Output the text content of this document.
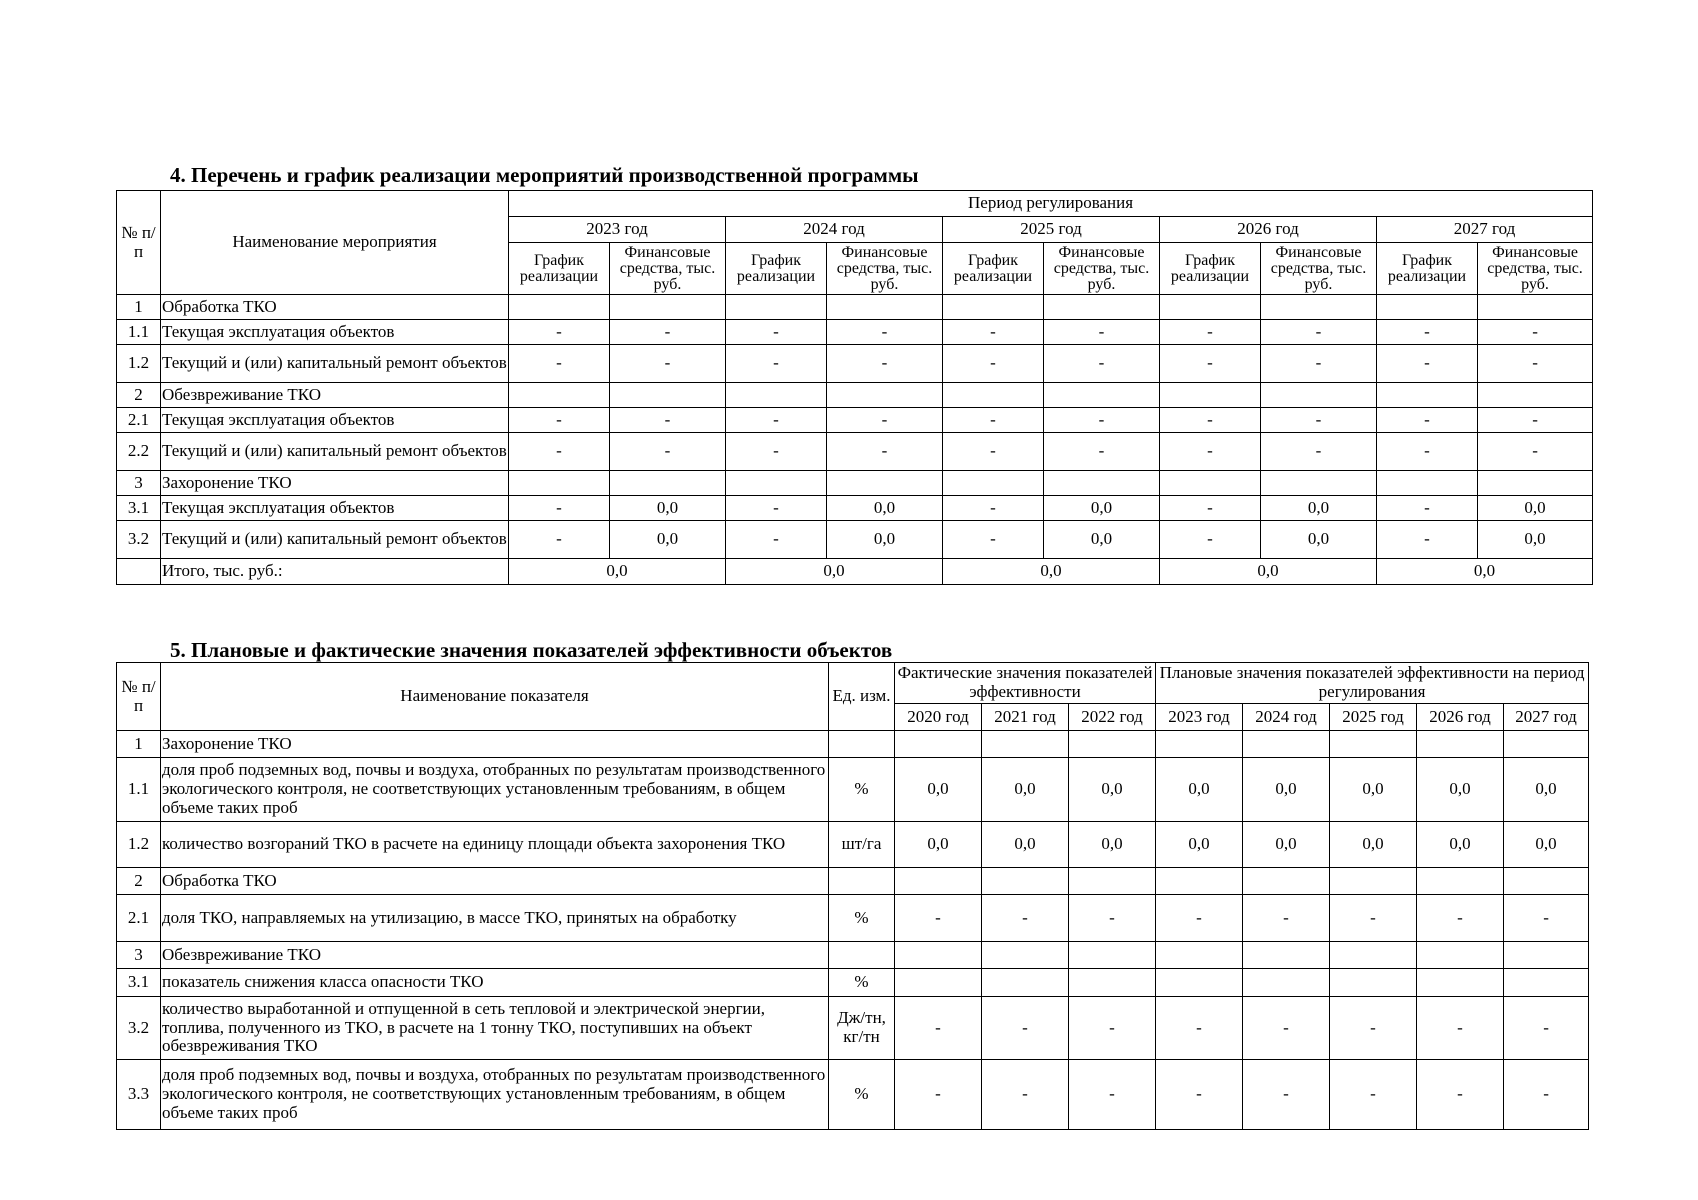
4. Перечень и график реализации мероприятий производственной программы
№ п/п	Наименование мероприятия	Период регулирования									
		2023 год		2024 год		2025 год		2026 год		2027 год	
		График реализации	Финансовые средства, тыс. руб.	График реализации	Финансовые средства, тыс. руб.	График реализации	Финансовые средства, тыс. руб.	График реализации	Финансовые средства, тыс. руб.	График реализации	Финансовые средства, тыс. руб.
1	Обработка ТКО										
1.1	Текущая эксплуатация объектов	-	-	-	-	-	-	-	-	-	-
1.2	Текущий и (или) капитальный ремонт объектов	-	-	-	-	-	-	-	-	-	-
2	Обезвреживание ТКО										
2.1	Текущая эксплуатация объектов	-	-	-	-	-	-	-	-	-	-
2.2	Текущий и (или) капитальный ремонт объектов	-	-	-	-	-	-	-	-	-	-
3	Захоронение ТКО										
3.1	Текущая эксплуатация объектов	-	0,0	-	0,0	-	0,0	-	0,0	-	0,0
3.2	Текущий и (или) капитальный ремонт объектов	-	0,0	-	0,0	-	0,0	-	0,0	-	0,0
	Итого, тыс. руб.:	0,0		0,0		0,0		0,0		0,0	
5. Плановые и фактические значения показателей эффективности объектов
№ п/п	Наименование показателя	Ед. изм.	Фактические значения показателей эффективности			Плановые значения показателей эффективности на период регулирования				
			2020 год	2021 год	2022 год	2023 год	2024 год	2025 год	2026 год	2027 год
1	Захоронение ТКО									
1.1	доля проб подземных вод, почвы и воздуха, отобранных по результатам производственного экологического контроля, не соответствующих установленным требованиям, в общем объеме таких проб	%	0,0	0,0	0,0	0,0	0,0	0,0	0,0	0,0
1.2	количество возгораний ТКО в расчете на единицу площади объекта захоронения ТКО	шт/га	0,0	0,0	0,0	0,0	0,0	0,0	0,0	0,0
2	Обработка ТКО									
2.1	доля ТКО, направляемых на утилизацию, в массе ТКО, принятых на обработку	%	-	-	-	-	-	-	-	-
3	Обезвреживание ТКО									
3.1	показатель снижения класса опасности ТКО	%								
3.2	количество выработанной и отпущенной в сеть тепловой и электрической энергии, топлива, полученного из ТКО, в расчете на 1 тонну ТКО, поступивших на объект обезвреживания ТКО	Дж/тн, кг/тн	-	-	-	-	-	-	-	-
3.3	доля проб подземных вод, почвы и воздуха, отобранных по результатам производственного экологического контроля, не соответствующих установленным требованиям, в общем объеме таких проб	%	-	-	-	-	-	-	-	-
